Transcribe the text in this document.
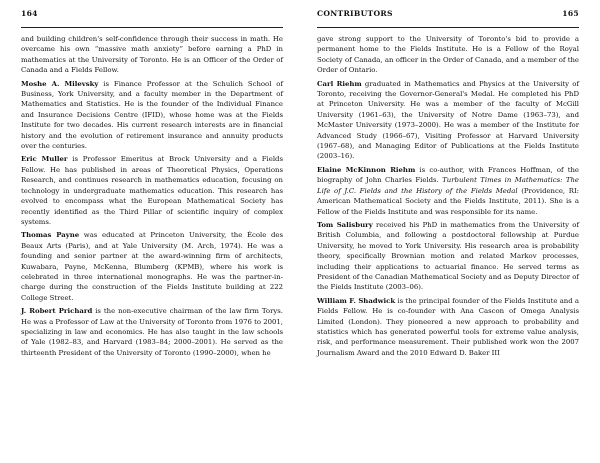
164

and building children's self-confidence through their success in math. He overcame his own “massive math anxiety” before earning a PhD in mathematics at the University of Toronto. He is an Officer of the Order of Canada and a Fields Fellow.

Moshe A. Milevsky is Finance Professor at the Schulich School of Business, York University, and a faculty member in the Department of Mathematics and Statistics. He is the founder of the Individual Finance and Insurance Decisions Centre (IFID), whose home was at the Fields Institute for two decades. His current research interests are in financial history and the evolution of retirement insurance and annuity products over the centuries.

Eric Muller is Professor Emeritus at Brock University and a Fields Fellow. He has published in areas of Theoretical Physics, Operations Research, and continues research in mathematics education, focusing on technology in undergraduate mathematics education. This research has evolved to encompass what the European Mathematical Society has recently identified as the Third Pillar of scientific inquiry of complex systems.

Thomas Payne was educated at Princeton University, the École des Beaux Arts (Paris), and at Yale University (M. Arch, 1974). He was a founding and senior partner at the award-winning firm of architects, Kuwabara, Payne, McKenna, Blumberg (KPMB), where his work is celebrated in three international monographs. He was the partner-in-charge during the construction of the Fields Institute building at 222 College Street.

J. Robert Prichard is the non-executive chairman of the law firm Torys. He was a Professor of Law at the University of Toronto from 1976 to 2001, specializing in law and economics. He has also taught in the law schools of Yale (1982–83, and Harvard (1983–84; 2000–2001). He served as the thirteenth President of the University of Toronto (1990–2000), when he

CONTRIBUTORS	165

gave strong support to the University of Toronto's bid to provide a permanent home to the Fields Institute. He is a Fellow of the Royal Society of Canada, an officer in the Order of Canada, and a member of the Order of Ontario.

Carl Riehm graduated in Mathematics and Physics at the University of Toronto, receiving the Governor-General's Medal. He completed his PhD at Princeton University. He was a member of the faculty of McGill University (1961–63), the University of Notre Dame (1963–73), and McMaster University (1973–2000). He was a member of the Institute for Advanced Study (1966–67), Visiting Professor at Harvard University (1967–68), and Managing Editor of Publications at the Fields Institute (2003–16).

Elaine McKinnon Riehm is co-author, with Frances Hoffman, of the biography of John Charles Fields. Turbulent Times in Mathematics: The Life of J.C. Fields and the History of the Fields Medal (Providence, RI: American Mathematical Society and the Fields Institute, 2011). She is a Fellow of the Fields Institute and was responsible for its name.

Tom Salisbury received his PhD in mathematics from the University of British Columbia, and following a postdoctoral fellowship at Purdue University, he moved to York University. His research area is probability theory, specifically Brownian motion and related Markov processes, including their applications to actuarial finance. He served terms as President of the Canadian Mathematical Society and as Deputy Director of the Fields Institute (2003–06).

William F. Shadwick is the principal founder of the Fields Institute and a Fields Fellow. He is co-founder with Ana Cascon of Omega Analysis Limited (London). They pioneered a new approach to probability and statistics which has generated powerful tools for extreme value analysis, risk, and performance measurement. Their published work won the 2007 Journalism Award and the 2010 Edward D. Baker III
